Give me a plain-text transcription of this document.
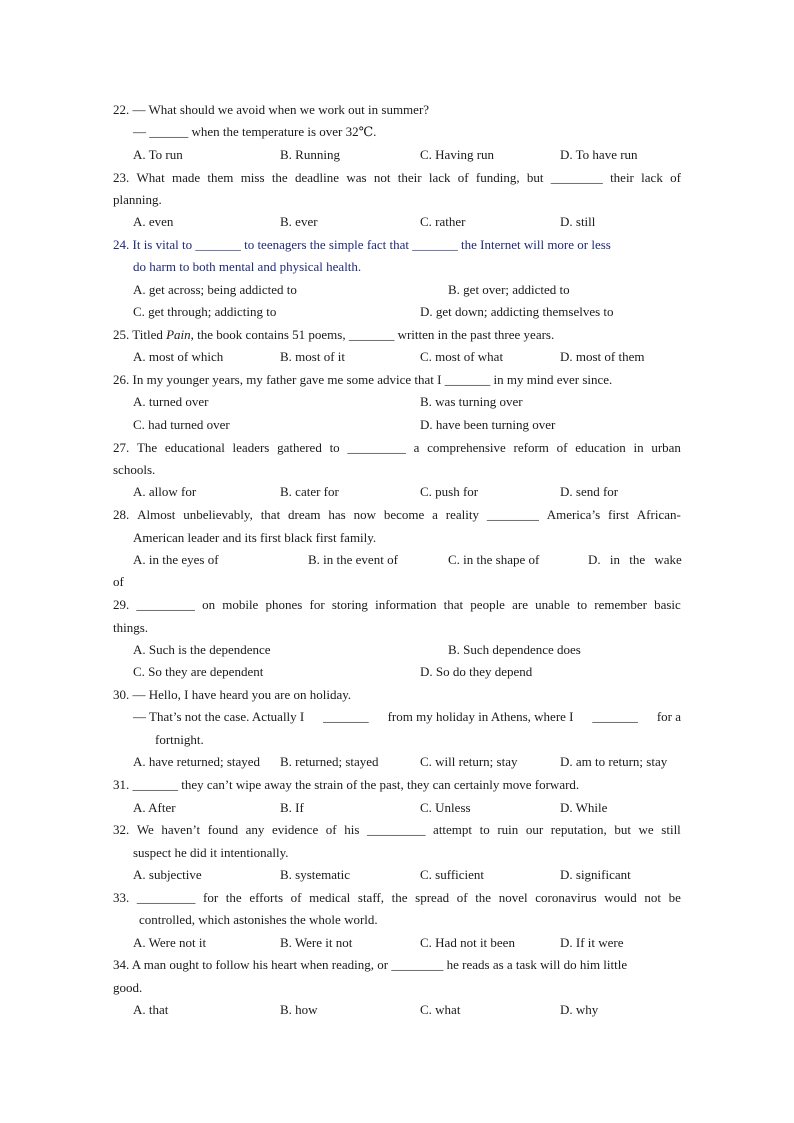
22. — What should we avoid when we work out in summer?
— ______ when the temperature is over 32℃.
A. To run	B. Running	C. Having run	D. To have run
23. What made them miss the deadline was not their lack of funding, but ________ their lack of
planning.
A. even	B. ever	C. rather	D. still
24. It is vital to _______ to teenagers the simple fact that _______ the Internet will more or less
do harm to both mental and physical health.
A. get across; being addicted to	B. get over; addicted to
C. get through; addicting to	D. get down; addicting themselves to
25. Titled Pain, the book contains 51 poems, _______ written in the past three years.
A. most of which	B. most of it	C. most of what	D. most of them
26. In my younger years, my father gave me some advice that I _______ in my mind ever since.
A. turned over	B. was turning over
C. had turned over	D. have been turning over
27. The educational leaders gathered to _________ a comprehensive reform of education in urban
schools.
A. allow for	B. cater for	C. push for	D. send for
28. Almost unbelievably, that dream has now become a reality ________ America’s first African-
American leader and its first black first family.
A. in the eyes of	B. in the event of	C. in the shape of	D. in the wake
of
29. _________ on mobile phones for storing information that people are unable to remember basic
things.
A. Such is the dependence	B. Such dependence does
C. So they are dependent	D. So do they depend
30. — Hello, I have heard you are on holiday.
— That’s not the case. Actually I _______ from my holiday in Athens, where I _______ for a
fortnight.
A. have returned; stayed B. returned; stayed	C. will return; stay	D. am to return; stay
31. _______ they can’t wipe away the strain of the past, they can certainly move forward.
A. After	B. If	C. Unless	D. While
32. We haven’t found any evidence of his _________ attempt to ruin our reputation, but we still
suspect he did it intentionally.
A. subjective	B. systematic	C. sufficient	D. significant
33. _________ for the efforts of medical staff, the spread of the novel coronavirus would not be
controlled, which astonishes the whole world.
A. Were not it	B. Were it not	C. Had not it been	D. If it were
34. A man ought to follow his heart when reading, or ________ he reads as a task will do him little
good.
A. that	B. how	C. what	D. why
